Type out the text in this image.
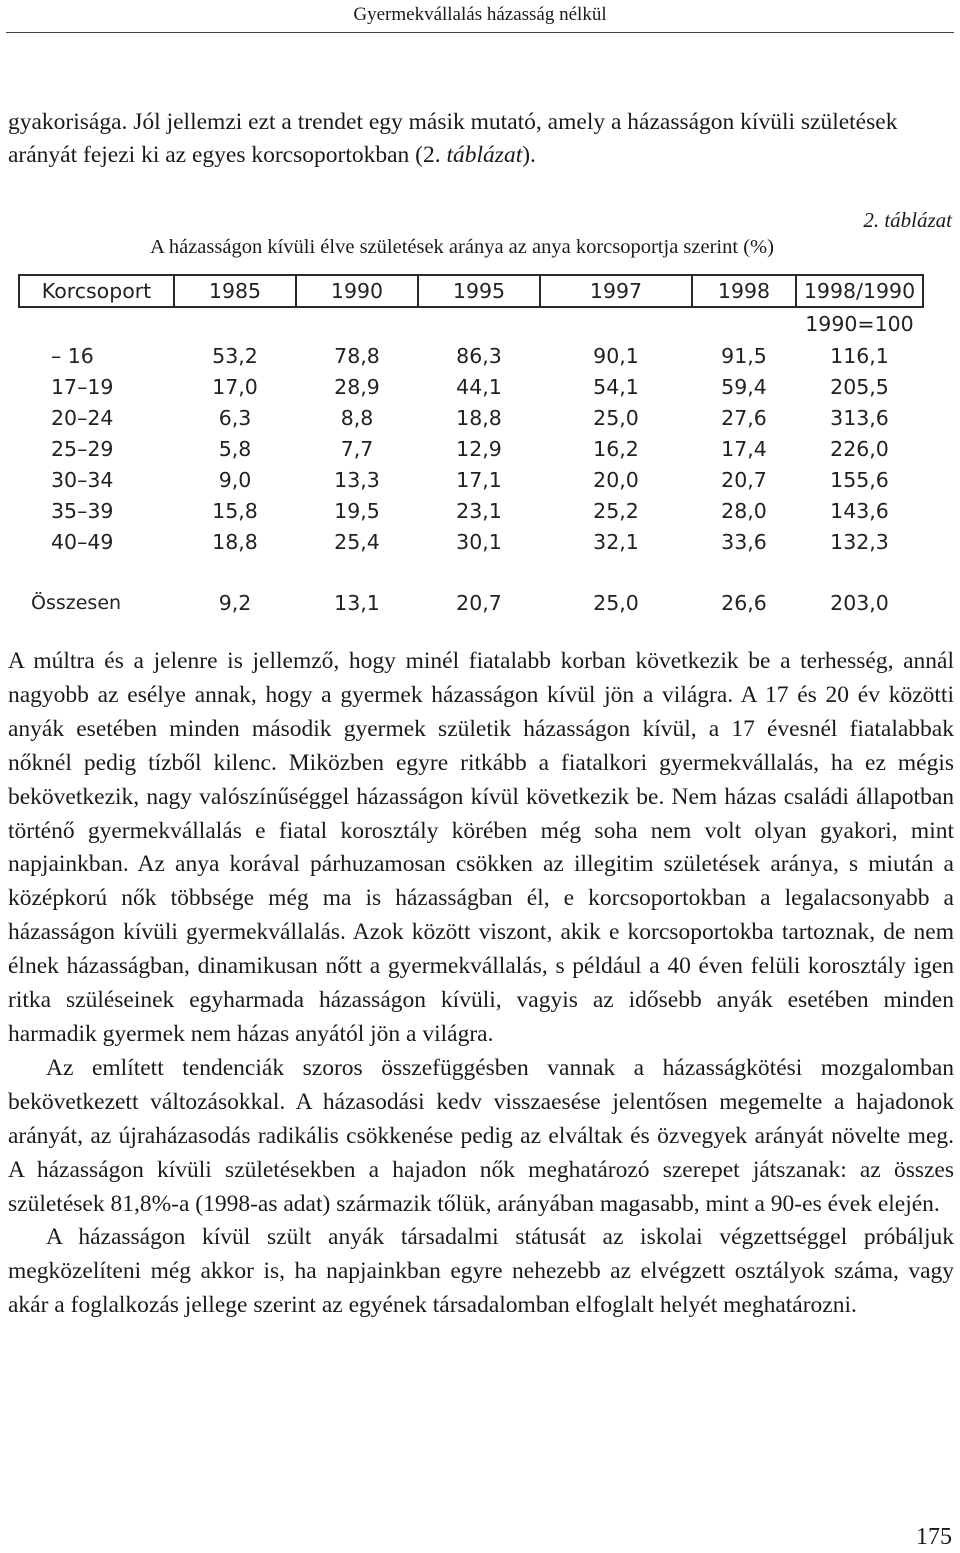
Gyermekvállalás házasság nélkül

gyakorisága. Jól jellemzi ezt a trendet egy másik mutató, amely a házasságon kívüli születések arányát fejezi ki az egyes korcsoportokban (2. táblázat).

2. táblázat
A házasságon kívüli élve születések aránya az anya korcsoportja szerint (%)
Korcsoport	1985	1990	1995	1997	1998	1998/1990
						1990=100
– 16	53,2	78,8	86,3	90,1	91,5	116,1
17–19	17,0	28,9	44,1	54,1	59,4	205,5
20–24	6,3	8,8	18,8	25,0	27,6	313,6
25–29	5,8	7,7	12,9	16,2	17,4	226,0
30–34	9,0	13,3	17,1	20,0	20,7	155,6
35–39	15,8	19,5	23,1	25,2	28,0	143,6
40–49	18,8	25,4	30,1	32,1	33,6	132,3

Összesen	9,2	13,1	20,7	25,0	26,6	203,0

A múltra és a jelenre is jellemző, hogy minél fiatalabb korban következik be a terhesség, annál nagyobb az esélye annak, hogy a gyermek házasságon kívül jön a világra. A 17 és 20 év közötti anyák esetében minden második gyermek születik házasságon kívül, a 17 évesnél fiatalabbak nőknél pedig tízből kilenc. Miközben egyre ritkább a fiatalkori gyermekvállalás, ha ez mégis bekövetkezik, nagy valószínűséggel házasságon kívül következik be. Nem házas családi állapotban történő gyermekvállalás e fiatal korosztály körében még soha nem volt olyan gyakori, mint napjainkban. Az anya korával párhuzamosan csökken az illegitim születések aránya, s miután a középkorú nők többsége még ma is házasságban él, e korcsoportokban a legalacsonyabb a házasságon kívüli gyermekvállalás. Azok között viszont, akik e korcsoportokba tartoznak, de nem élnek házasságban, dinamikusan nőtt a gyermekvállalás, s például a 40 éven felüli korosztály igen ritka szüléseinek egyharmada házasságon kívüli, vagyis az idősebb anyák esetében minden harmadik gyermek nem házas anyától jön a világra.

Az említett tendenciák szoros összefüggésben vannak a házasságkötési mozgalomban bekövetkezett változásokkal. A házasodási kedv visszaesése jelentősen megemelte a hajadonok arányát, az újraházasodás radikális csökkenése pedig az elváltak és özvegyek arányát növelte meg. A házasságon kívüli születésekben a hajadon nők meghatározó szerepet játszanak: az összes születések 81,8%-a (1998-as adat) származik tőlük, arányában magasabb, mint a 90-es évek elején.

A házasságon kívül szült anyák társadalmi státusát az iskolai végzettséggel próbáljuk megközelíteni még akkor is, ha napjainkban egyre nehezebb az elvégzett osztályok száma, vagy akár a foglalkozás jellege szerint az egyének társadalomban elfoglalt helyét meghatározni.

175
